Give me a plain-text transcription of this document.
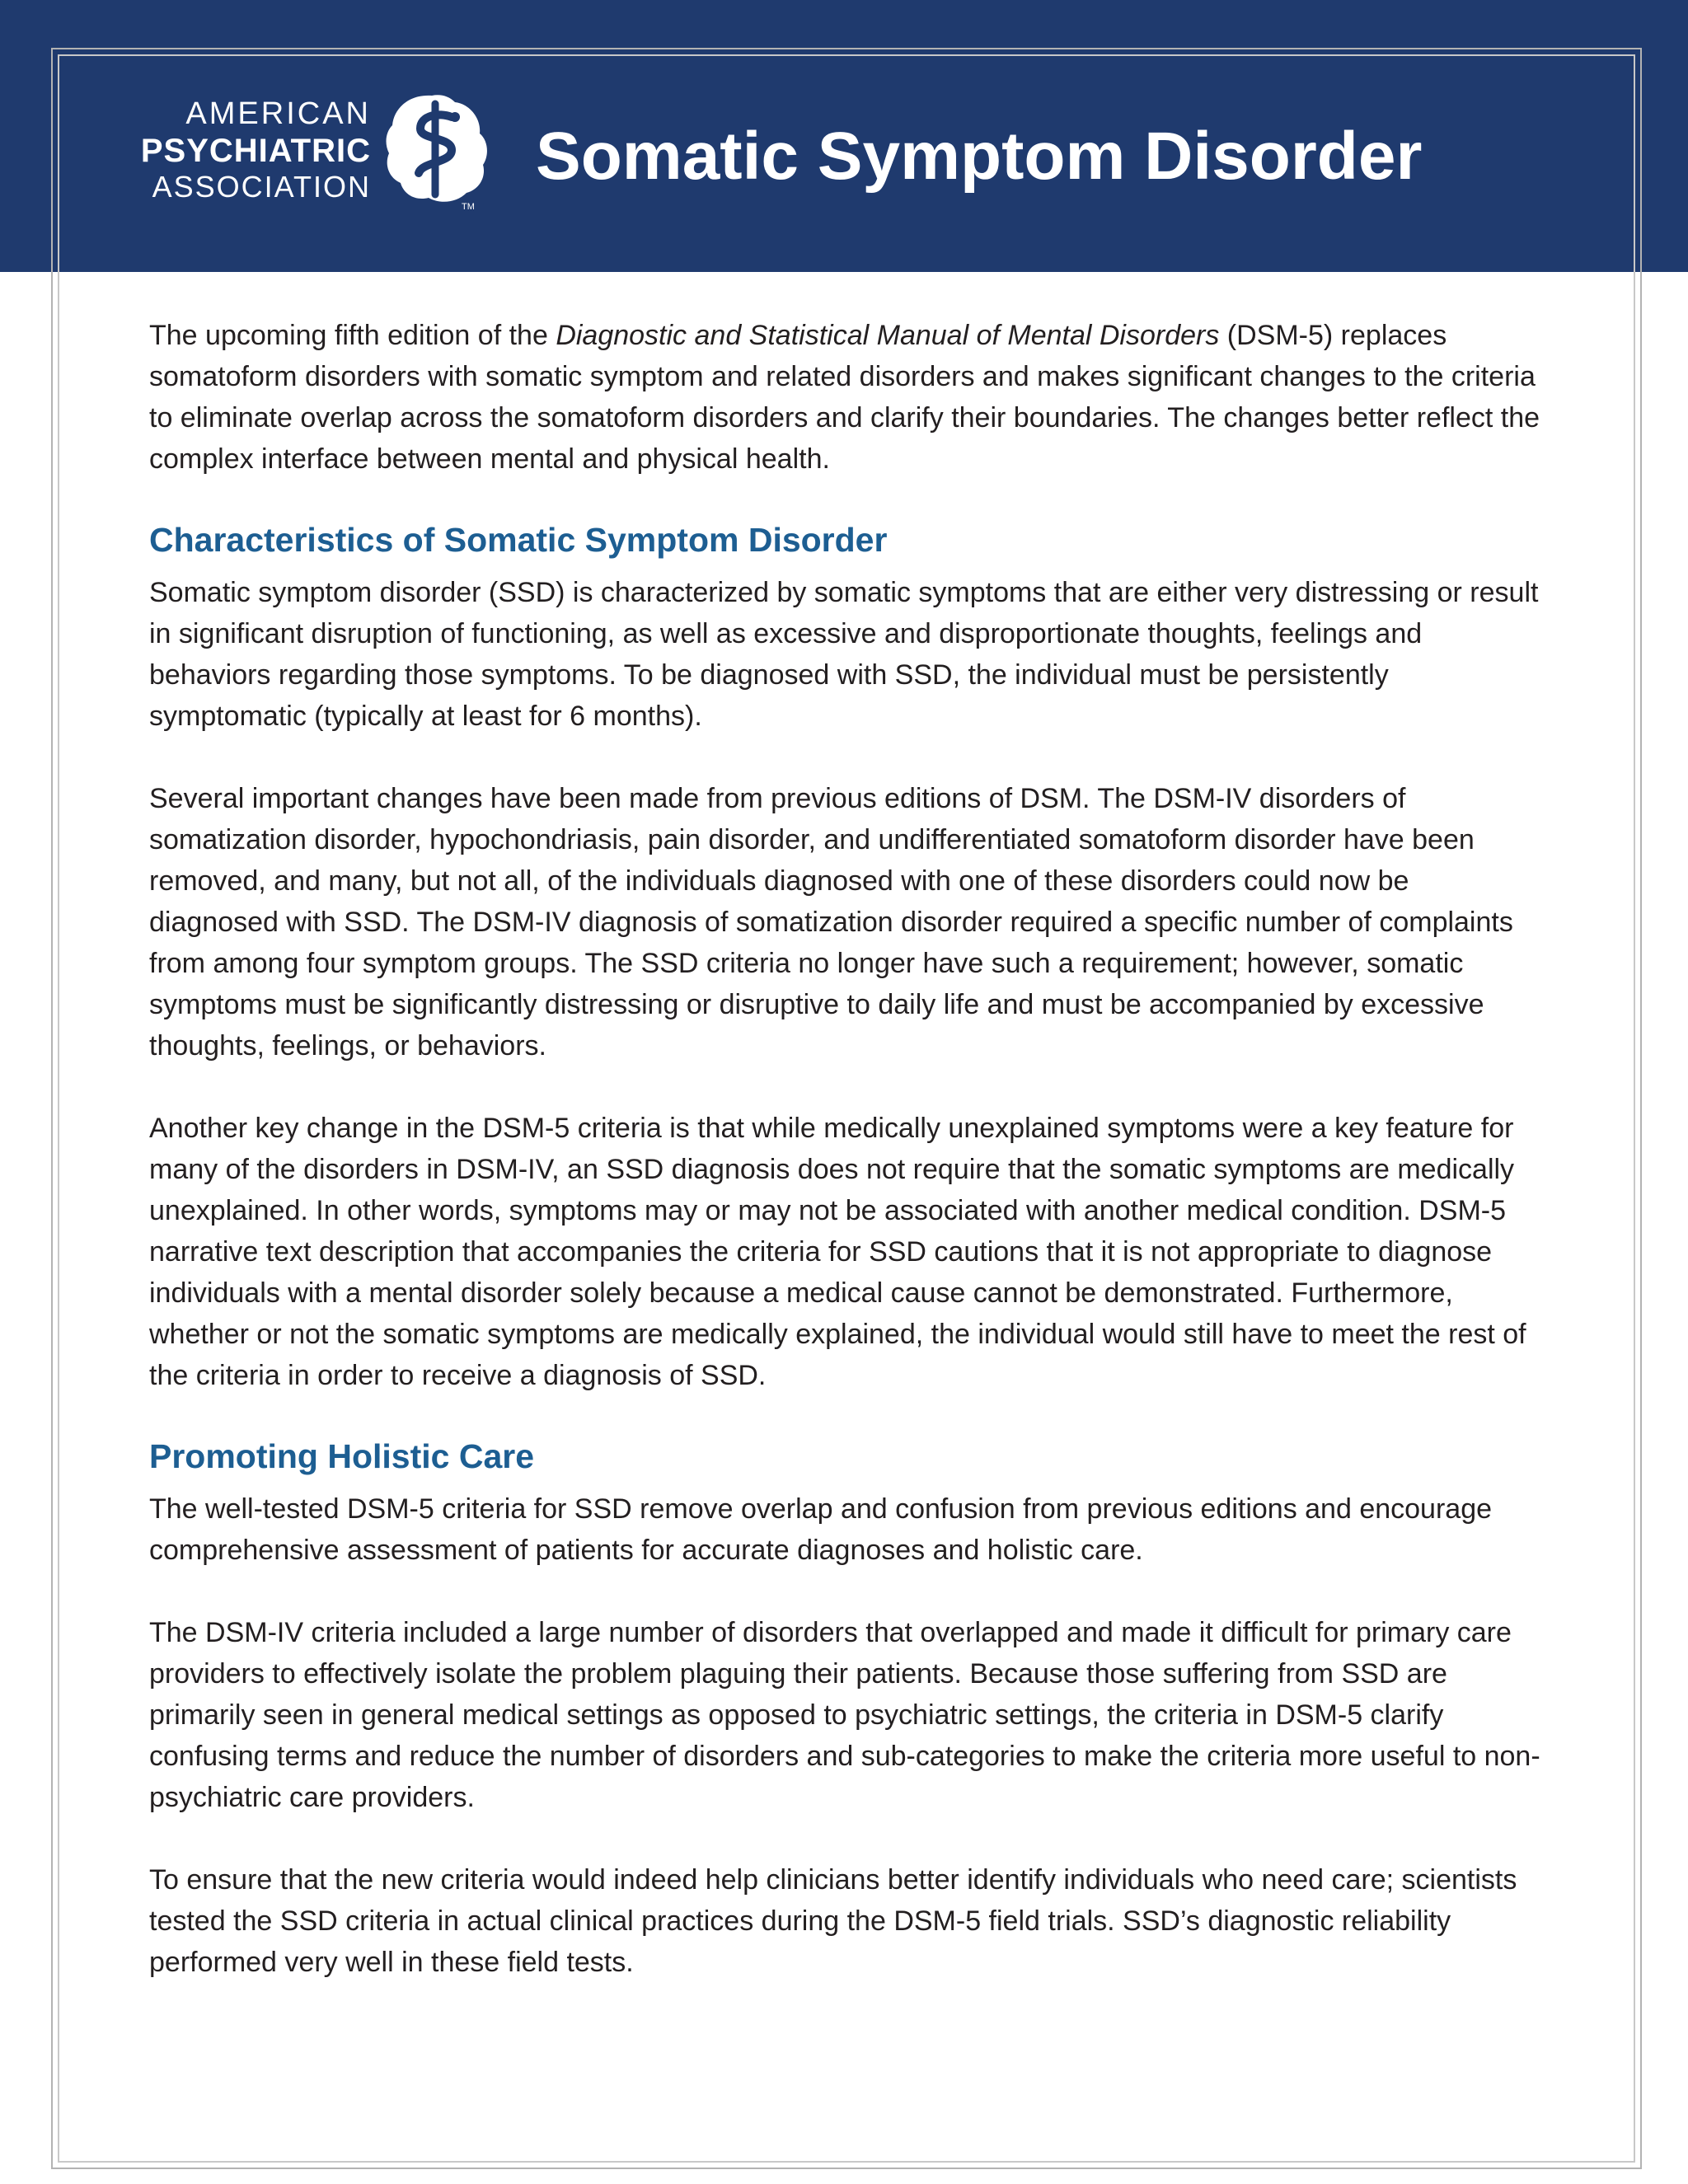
AMERICAN
PSYCHIATRIC
ASSOCIATION
TM
Somatic Symptom Disorder

The upcoming fifth edition of the Diagnostic and Statistical Manual of Mental Disorders (DSM-5) replaces somatoform disorders with somatic symptom and related disorders and makes significant changes to the criteria to eliminate overlap across the somatoform disorders and clarify their boundaries. The changes better reflect the complex interface between mental and physical health.

Characteristics of Somatic Symptom Disorder

Somatic symptom disorder (SSD) is characterized by somatic symptoms that are either very distressing or result in significant disruption of functioning, as well as excessive and disproportionate thoughts, feelings and behaviors regarding those symptoms. To be diagnosed with SSD, the individual must be persistently symptomatic (typically at least for 6 months).

Several important changes have been made from previous editions of DSM. The DSM-IV disorders of somatization disorder, hypochondriasis, pain disorder, and undifferentiated somatoform disorder have been removed, and many, but not all, of the individuals diagnosed with one of these disorders could now be diagnosed with SSD. The DSM-IV diagnosis of somatization disorder required a specific number of complaints from among four symptom groups. The SSD criteria no longer have such a requirement; however, somatic symptoms must be significantly distressing or disruptive to daily life and must be accompanied by excessive thoughts, feelings, or behaviors.

Another key change in the DSM-5 criteria is that while medically unexplained symptoms were a key feature for many of the disorders in DSM-IV, an SSD diagnosis does not require that the somatic symptoms are medically unexplained. In other words, symptoms may or may not be associated with another medical condition. DSM-5 narrative text description that accompanies the criteria for SSD cautions that it is not appropriate to diagnose individuals with a mental disorder solely because a medical cause cannot be demonstrated. Furthermore, whether or not the somatic symptoms are medically explained, the individual would still have to meet the rest of the criteria in order to receive a diagnosis of SSD.

Promoting Holistic Care

The well-tested DSM-5 criteria for SSD remove overlap and confusion from previous editions and encourage comprehensive assessment of patients for accurate diagnoses and holistic care.

The DSM-IV criteria included a large number of disorders that overlapped and made it difficult for primary care providers to effectively isolate the problem plaguing their patients. Because those suffering from SSD are primarily seen in general medical settings as opposed to psychiatric settings, the criteria in DSM-5 clarify confusing terms and reduce the number of disorders and sub-categories to make the criteria more useful to non-psychiatric care providers.

To ensure that the new criteria would indeed help clinicians better identify individuals who need care; scientists tested the SSD criteria in actual clinical practices during the DSM-5 field trials. SSD’s diagnostic reliability performed very well in these field tests.
